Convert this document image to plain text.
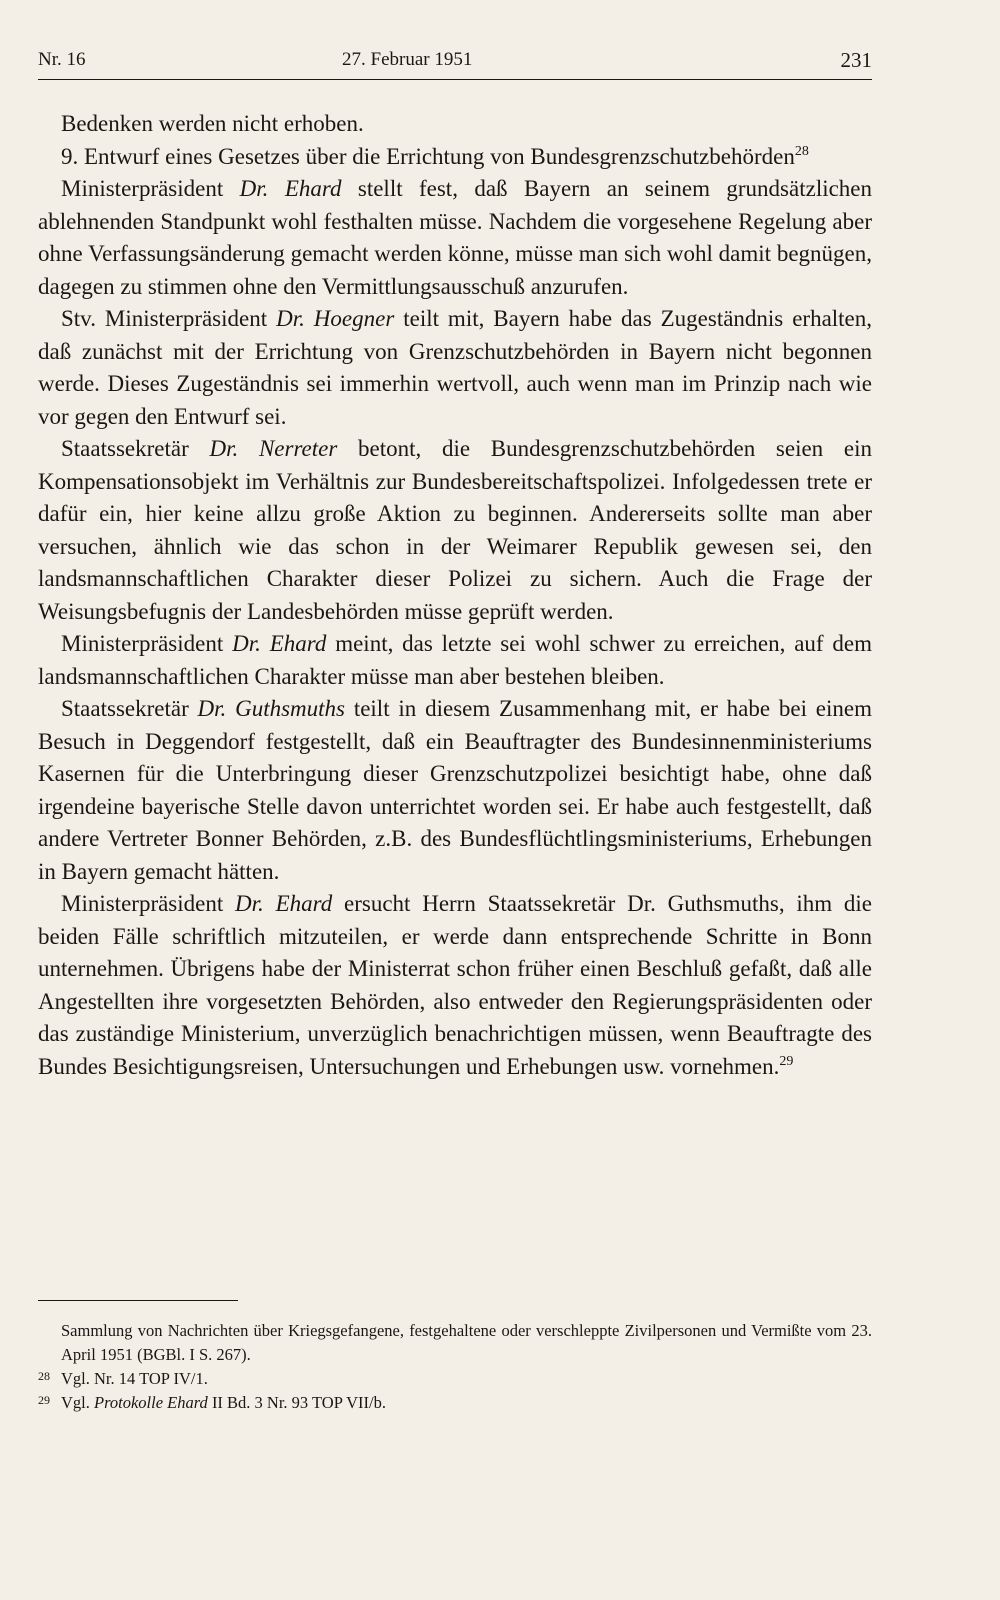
Nr. 16	27. Februar 1951	231

Bedenken werden nicht erhoben.

9. Entwurf eines Gesetzes über die Errichtung von Bundesgrenzschutzbehörden$^{28}$

Ministerpräsident Dr. Ehard stellt fest, daß Bayern an seinem grundsätzlichen ablehnenden Standpunkt wohl festhalten müsse. Nachdem die vorgesehene Regelung aber ohne Verfassungsänderung gemacht werden könne, müsse man sich wohl damit begnügen, dagegen zu stimmen ohne den Vermittlungsausschuß anzurufen.

Stv. Ministerpräsident Dr. Hoegner teilt mit, Bayern habe das Zugeständnis erhalten, daß zunächst mit der Errichtung von Grenzschutzbehörden in Bayern nicht begonnen werde. Dieses Zugeständnis sei immerhin wertvoll, auch wenn man im Prinzip nach wie vor gegen den Entwurf sei.

Staatssekretär Dr. Nerreter betont, die Bundesgrenzschutzbehörden seien ein Kompensationsobjekt im Verhältnis zur Bundesbereitschaftspolizei. Infolgedessen trete er dafür ein, hier keine allzu große Aktion zu beginnen. Andererseits sollte man aber versuchen, ähnlich wie das schon in der Weimarer Republik gewesen sei, den landsmannschaftlichen Charakter dieser Polizei zu sichern. Auch die Frage der Weisungsbefugnis der Landesbehörden müsse geprüft werden.

Ministerpräsident Dr. Ehard meint, das letzte sei wohl schwer zu erreichen, auf dem landsmannschaftlichen Charakter müsse man aber bestehen bleiben.

Staatssekretär Dr. Guthsmuths teilt in diesem Zusammenhang mit, er habe bei einem Besuch in Deggendorf festgestellt, daß ein Beauftragter des Bundesinnenministeriums Kasernen für die Unterbringung dieser Grenzschutzpolizei besichtigt habe, ohne daß irgendeine bayerische Stelle davon unterrichtet worden sei. Er habe auch festgestellt, daß andere Vertreter Bonner Behörden, z.B. des Bundesflüchtlingsministeriums, Erhebungen in Bayern gemacht hätten.

Ministerpräsident Dr. Ehard ersucht Herrn Staatssekretär Dr. Guthsmuths, ihm die beiden Fälle schriftlich mitzuteilen, er werde dann entsprechende Schritte in Bonn unternehmen. Übrigens habe der Ministerrat schon früher einen Beschluß gefaßt, daß alle Angestellten ihre vorgesetzten Behörden, also entweder den Regierungspräsidenten oder das zuständige Ministerium, unverzüglich benachrichtigen müssen, wenn Beauftragte des Bundes Besichtigungsreisen, Untersuchungen und Erhebungen usw. vornehmen.$^{29}$

Sammlung von Nachrichten über Kriegsgefangene, festgehaltene oder verschleppte Zivilpersonen und Vermißte vom 23. April 1951 (BGBl. I S. 267).

28 Vgl. Nr. 14 TOP IV/1.

29 Vgl. Protokolle Ehard II Bd. 3 Nr. 93 TOP VII/b.
